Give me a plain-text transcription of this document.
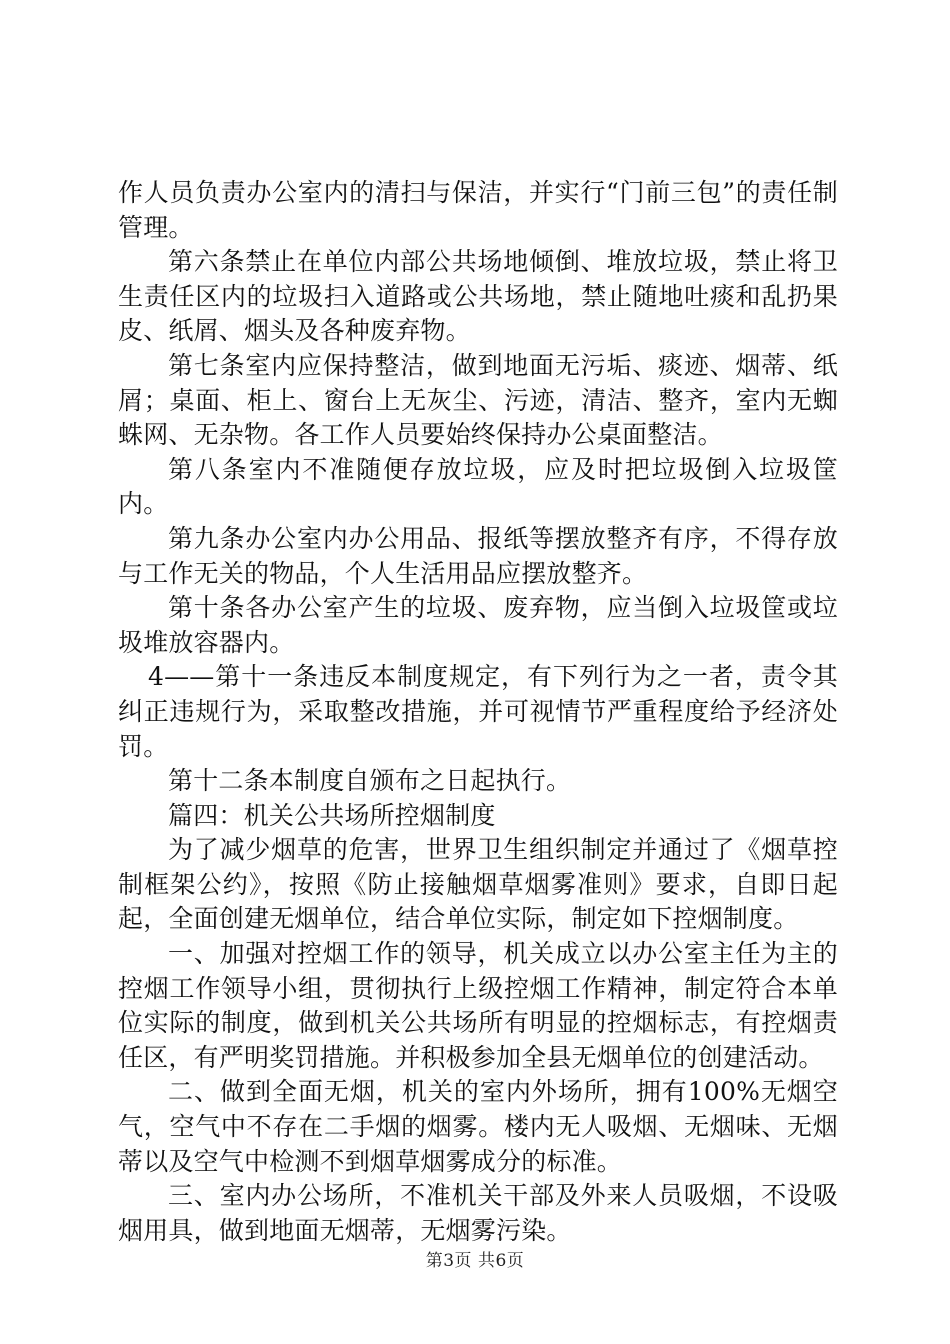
作人员负责办公室内的清扫与保洁，并实行“门前三包”的责任制管理。

第六条禁止在单位内部公共场地倾倒、堆放垃圾，禁止将卫生责任区内的垃圾扫入道路或公共场地，禁止随地吐痰和乱扔果皮、纸屑、烟头及各种废弃物。

第七条室内应保持整洁，做到地面无污垢、痰迹、烟蒂、纸屑；桌面、柜上、窗台上无灰尘、污迹，清洁、整齐，室内无蜘蛛网、无杂物。各工作人员要始终保持办公桌面整洁。

第八条室内不准随便存放垃圾，应及时把垃圾倒入垃圾筐内。

第九条办公室内办公用品、报纸等摆放整齐有序，不得存放与工作无关的物品，个人生活用品应摆放整齐。

第十条各办公室产生的垃圾、废弃物，应当倒入垃圾筐或垃圾堆放容器内。

4——第十一条违反本制度规定，有下列行为之一者，责令其纠正违规行为，采取整改措施，并可视情节严重程度给予经济处罚。

第十二条本制度自颁布之日起执行。

篇四：机关公共场所控烟制度

为了减少烟草的危害，世界卫生组织制定并通过了《烟草控制框架公约》，按照《防止接触烟草烟雾准则》要求，自即日起起，全面创建无烟单位，结合单位实际，制定如下控烟制度。

一、加强对控烟工作的领导，机关成立以办公室主任为主的控烟工作领导小组，贯彻执行上级控烟工作精神，制定符合本单位实际的制度，做到机关公共场所有明显的控烟标志，有控烟责任区，有严明奖罚措施。并积极参加全县无烟单位的创建活动。

二、做到全面无烟，机关的室内外场所，拥有100%无烟空气，空气中不存在二手烟的烟雾。楼内无人吸烟、无烟味、无烟蒂以及空气中检测不到烟草烟雾成分的标准。

三、室内办公场所，不准机关干部及外来人员吸烟，不设吸烟用具，做到地面无烟蒂，无烟雾污染。

第3页 共6页
